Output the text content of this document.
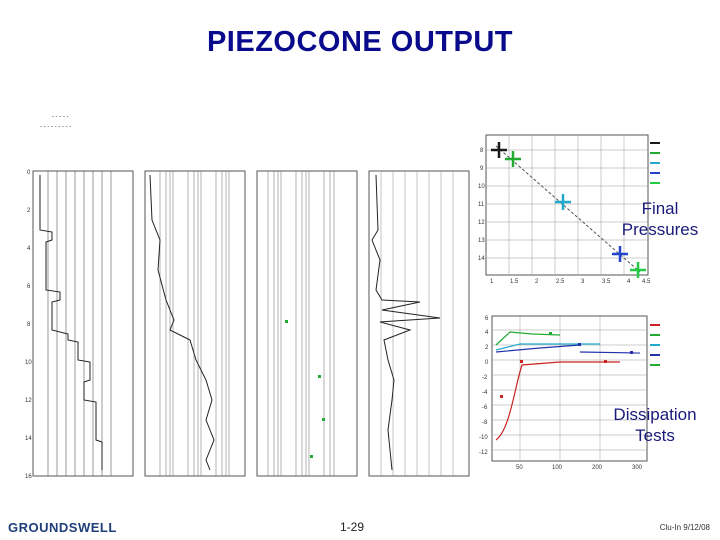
PIEZOCONE OUTPUT
- - - - -
- - - - - - - - -
0
2
4
6
8
10
12
14
16
8
9
10
11
12
13
14
1	1.5	2	2.5	3	3.5	4 4.5
6
4
2
0
-2
-4
-6
-8
-10
-12
50	100	200	300
Final Pressures
Dissipation Tests
GROUNDSWELL	1-29	Clu-In 9/12/08
